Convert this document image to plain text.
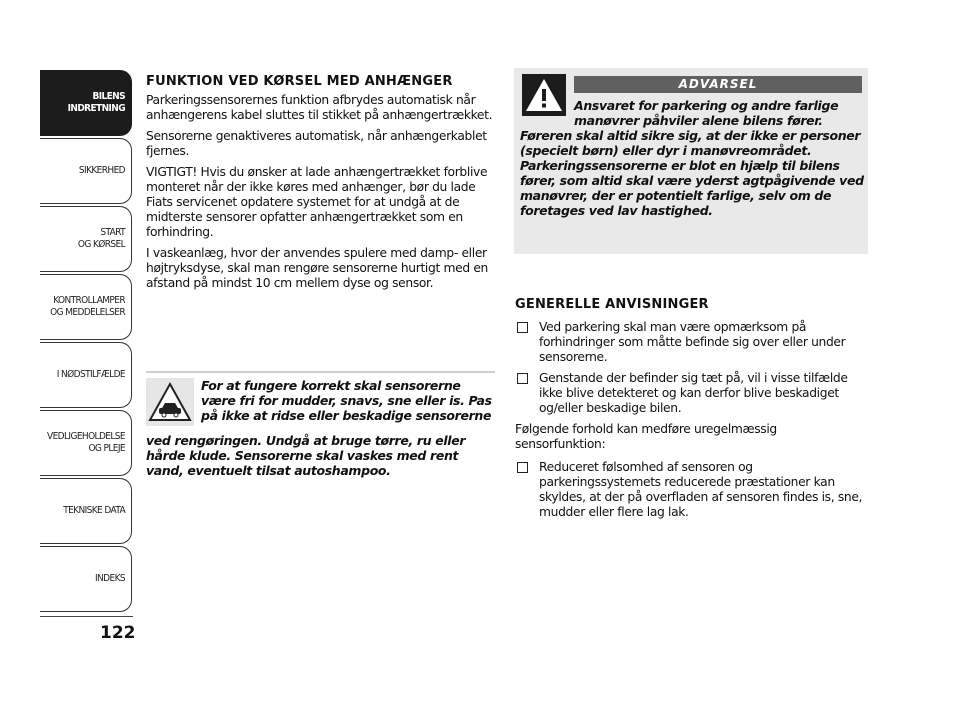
BILENS
INDRETNING
SIKKERHED
START
OG KØRSEL
KONTROLLAMPER
OG MEDDELELSER
I NØDSTILFÆLDE
VEDLIGEHOLDELSE
OG PLEJE
TEKNISKE DATA
INDEKS
122
FUNKTION VED KØRSEL MED ANHÆNGER

Parkeringssensorernes funktion afbrydes automatisk når anhængerens kabel sluttes til stikket på anhængertrækket.

Sensorerne genaktiveres automatisk, når anhængerkablet fjernes.

VIGTIGT! Hvis du ønsker at lade anhængertrækket forblive monteret når der ikke køres med anhænger, bør du lade Fiats servicenet opdatere systemet for at undgå at de midterste sensorer opfatter anhængertrækket som en forhindring.

I vaskeanlæg, hvor der anvendes spulere med damp- eller højtryksdyse, skal man rengøre sensorerne hurtigt med en afstand på mindst 10 cm mellem dyse og sensor.

For at fungere korrekt skal sensorerne være fri for mudder, snavs, sne eller is. Pas på ikke at ridse eller beskadige sensorerne
ved rengøringen. Undgå at bruge tørre, ru eller hårde klude. Sensorerne skal vaskes med rent vand, eventuelt tilsat autoshampoo.
ADVARSEL
Ansvaret for parkering og andre farlige manøvrer påhviler alene bilens fører.
Føreren skal altid sikre sig, at der ikke er personer (specielt børn) eller dyr i manøvreområdet. Parkeringssensorerne er blot en hjælp til bilens fører, som altid skal være yderst agtpågivende ved manøvrer, der er potentielt farlige, selv om de foretages ved lav hastighed.
GENERELLE ANVISNINGER
Ved parkering skal man være opmærksom på forhindringer som måtte befinde sig over eller under sensorerne.
Genstande der befinder sig tæt på, vil i visse tilfælde ikke blive detekteret og kan derfor blive beskadiget og/eller beskadige bilen.

Følgende forhold kan medføre uregelmæssig sensorfunktion:

Reduceret følsomhed af sensoren og parkeringssystemets reducerede præstationer kan skyldes, at der på overfladen af sensoren findes is, sne, mudder eller flere lag lak.
